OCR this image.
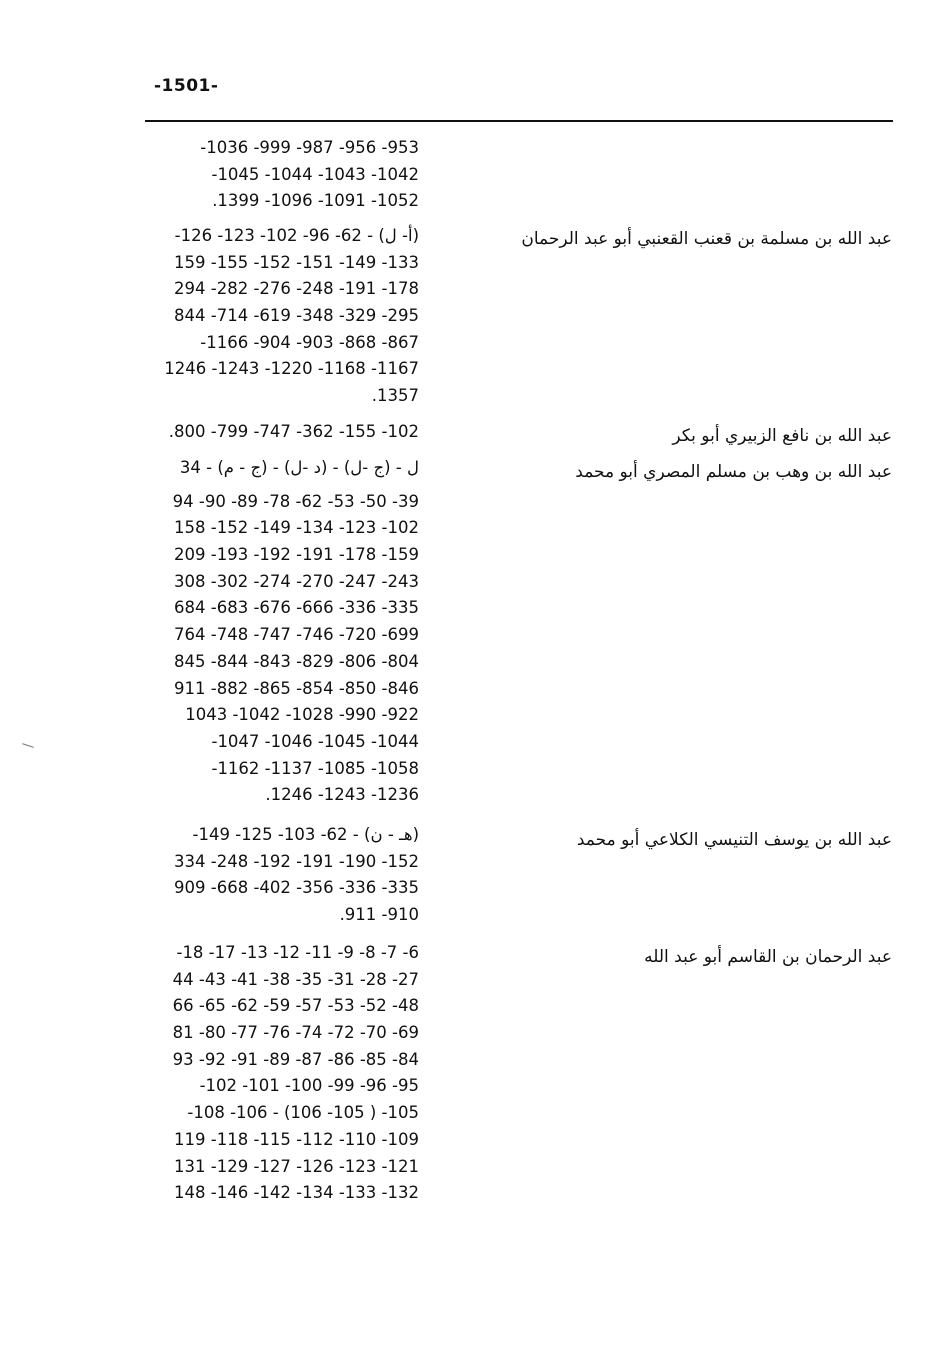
-1501-
-1036 -999 -987 -956 -953
-1045 -1044 -1043 -1042
.1399 -1096 -1091 -1052
عبد الله بن مسلمة بن قعنب القعنبي أبو عبد الرحمان
-126 -123 -102 -96 -62 - (أ- ل)
159 -155 -152 -151 -149 -133
294 -282 -276 -248 -191 -178
844 -714 -619 -348 -329 -295
-1166 -904 -903 -868 -867
1246 -1243 -1220 -1168 -1167
.1357
عبد الله بن نافع الزبيري أبو بكر
.800 -799 -747 -362 -155 -102
عبد الله بن وهب بن مسلم المصري أبو محمد
ل - (ج -ل) - (د -ل) - (ج - م) - 34
94 -90 -89 -78 -62 -53 -50 -39
158 -152 -149 -134 -123 -102
209 -193 -192 -191 -178 -159
308 -302 -274 -270 -247 -243
684 -683 -676 -666 -336 -335
764 -748 -747 -746 -720 -699
845 -844 -843 -829 -806 -804
911 -882 -865 -854 -850 -846
1043 -1042 -1028 -990 -922
-1047 -1046 -1045 -1044
-1162 -1137 -1085 -1058
.1246 -1243 -1236
عبد الله بن يوسف التنيسي الكلاعي أبو محمد
-149 -125 -103 -62 - (هـ - ن)
334 -248 -192 -191 -190 -152
909 -668 -402 -356 -336 -335
.911 -910
عبد الرحمان بن القاسم أبو عبد الله
-18 -17 -13 -12 -11 -9 -8 -7 -6
44 -43 -41 -38 -35 -31 -28 -27
66 -65 -62 -59 -57 -53 -52 -48
81 -80 -77 -76 -74 -72 -70 -69
93 -92 -91 -89 -87 -86 -85 -84
-102 -101 -100 -99 -96 -95
-108 -106 - (106 -105 ) -105
119 -118 -115 -112 -110 -109
131 -129 -127 -126 -123 -121
148 -146 -142 -134 -133 -132
